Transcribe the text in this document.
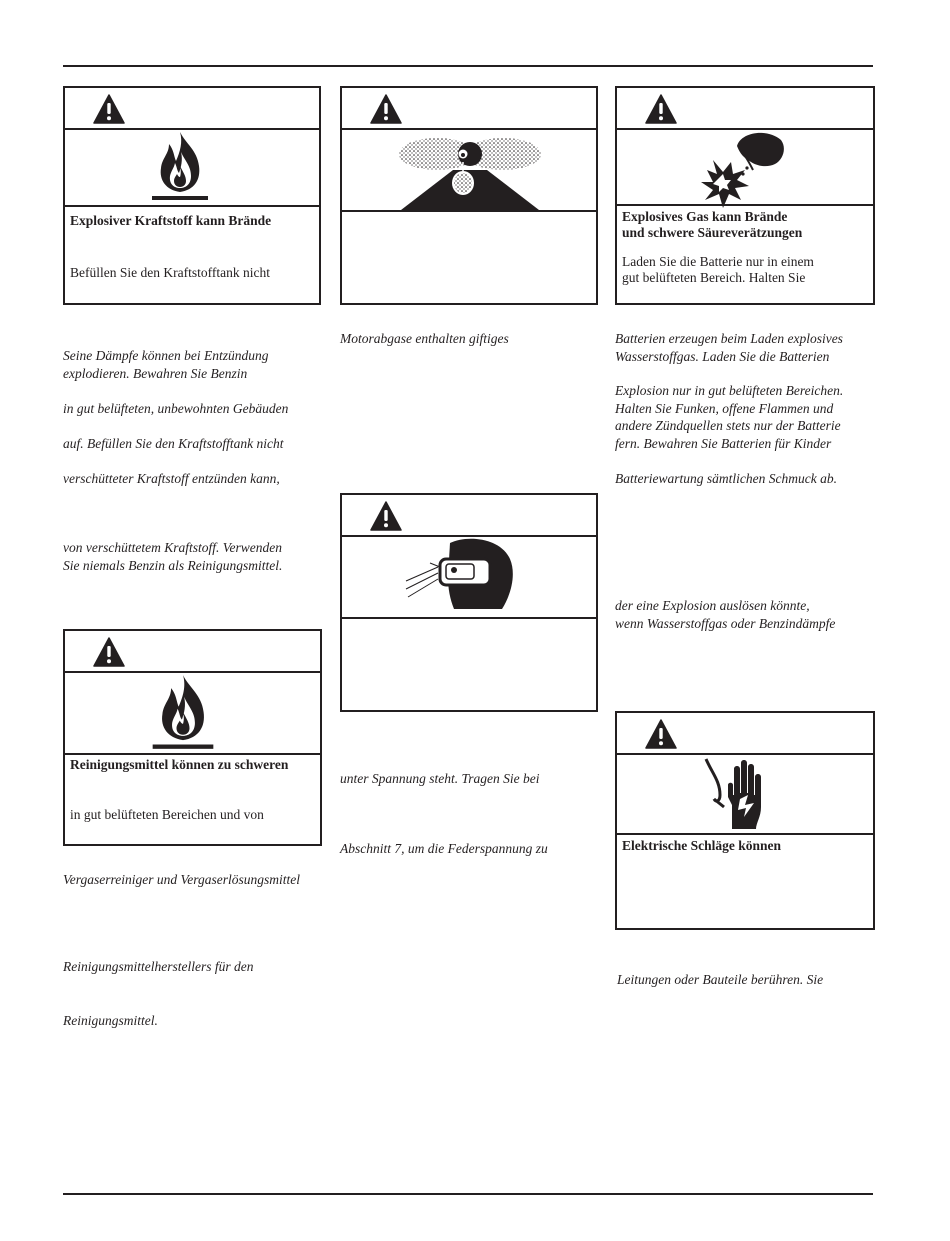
Explosiver Kraftstoff kann Brände
Befüllen Sie den Kraftstofftank nicht
Seine Dämpfe können bei Entzündung
explodieren. Bewahren Sie Benzin
in gut belüfteten, unbewohnten Gebäuden
auf. Befüllen Sie den Kraftstofftank nicht
verschütteter Kraftstoff entzünden kann,
von verschüttetem Kraftstoff. Verwenden
Sie niemals Benzin als Reinigungsmittel.
Reinigungsmittel können zu schweren
in gut belüfteten Bereichen und von
Vergaserreiniger und Vergaserlösungsmittel
Reinigungsmittelherstellers für den
Reinigungsmittel.
Motorabgase enthalten giftiges
unter Spannung steht. Tragen Sie bei
Abschnitt 7, um die Federspannung zu
Explosives Gas kann Brände
und schwere Säureverätzungen
Laden Sie die Batterie nur in einem
gut belüfteten Bereich. Halten Sie
Batterien erzeugen beim Laden explosives
Wasserstoffgas. Laden Sie die Batterien
Explosion nur in gut belüfteten Bereichen.
Halten Sie Funken, offene Flammen und
andere Zündquellen stets nur der Batterie
fern. Bewahren Sie Batterien für Kinder
Batteriewartung sämtlichen Schmuck ab.
der eine Explosion auslösen könnte,
wenn Wasserstoffgas oder Benzindämpfe
Elektrische Schläge können
Leitungen oder Bauteile berühren. Sie
